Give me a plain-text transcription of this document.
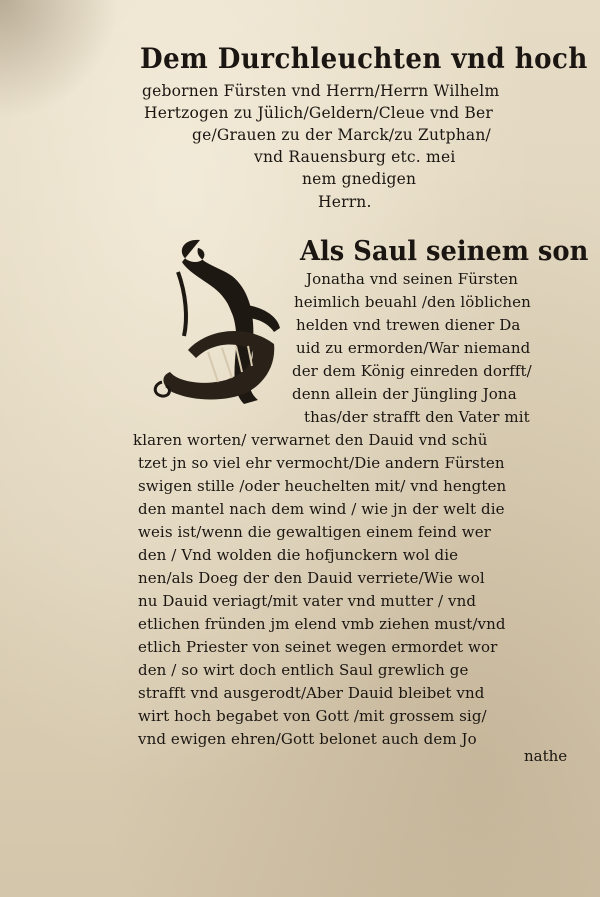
Dem Durchleuchten vnd hoch
gebornen Fürsten vnd Herrn/Herrn Wilhelm
Hertzogen zu Jülich/Geldern/Cleue vnd Ber
ge/Grauen zu der Marck/zu Zutphan/
vnd Rauensburg etc. mei
nem gnedigen
Herrn.
Als Saul seinem son
Jonatha vnd seinen Fürsten
heimlich beuahl /den löblichen
helden vnd trewen diener Da
uid zu ermorden/War niemand
der dem König einreden dorfft/
denn allein der Jüngling Jona
thas/der strafft den Vater mit
klaren worten/ verwarnet den Dauid vnd schü
tzet jn so viel ehr vermocht/Die andern Fürsten
swigen stille /oder heuchelten mit/ vnd hengten
den mantel nach dem wind / wie jn der welt die
weis ist/wenn die gewaltigen einem feind wer
den / Vnd wolden die hofjunckern wol die
nen/als Doeg der den Dauid verriete/Wie wol
nu Dauid veriagt/mit vater vnd mutter / vnd
etlichen fründen jm elend vmb ziehen must/vnd
etlich Priester von seinet wegen ermordet wor
den / so wirt doch entlich Saul grewlich ge
strafft vnd ausgerodt/Aber Dauid bleibet vnd
wirt hoch begabet von Gott /mit grossem sig/
vnd ewigen ehren/Gott belonet auch dem Jo
nathe
